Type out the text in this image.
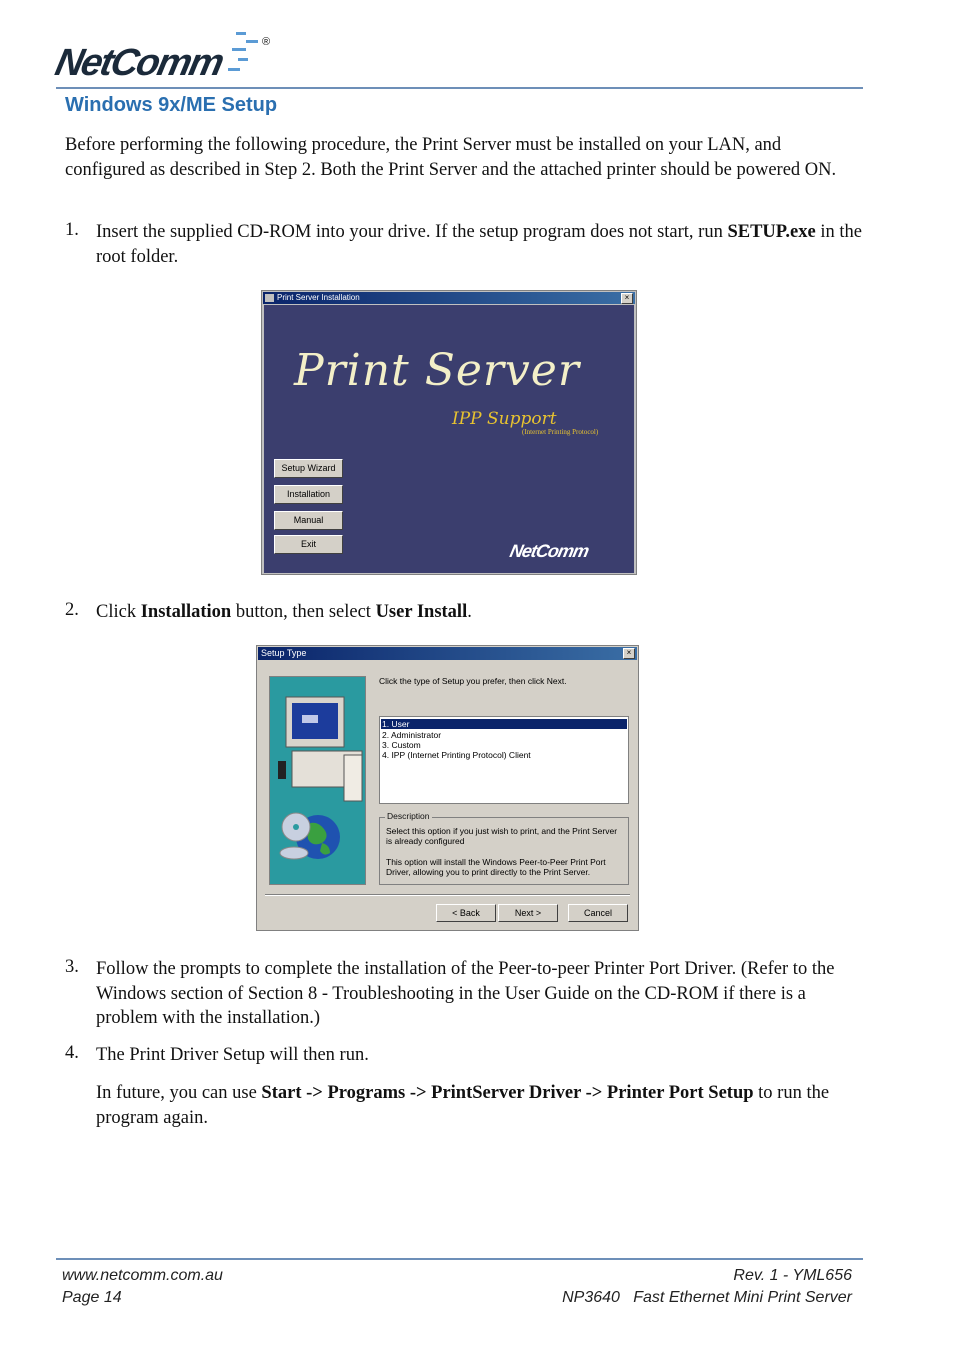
NetComm	®
Windows 9x/ME Setup
Before performing the following procedure, the Print Server must be installed on your LAN, and configured as described in Step 2. Both the Print Server and the attached printer should be powered ON.
1. Insert the supplied CD-ROM into your drive. If the setup program does not start, run SETUP.exe in the root folder.
Print Server Installation	×
Print Server
IPP Support
(Internet Printing Protocol)
Setup Wizard
Installation
Manual
Exit	NetComm
2. Click Installation button, then select User Install.
Setup Type	×
Click the type of Setup you prefer, then click Next.
1. User
2. Administrator
3. Custom
4. IPP (Internet Printing Protocol) Client
Description
Select this option if you just wish to print, and the Print Server is already configured
This option will install the Windows Peer-to-Peer Print Port Driver, allowing you to print directly to the Print Server.
< Back	Next >	Cancel
3. Follow the prompts to complete the installation of the Peer-to-peer Printer Port Driver. (Refer to the Windows section of Section 8 - Troubleshooting in the User Guide on the CD-ROM if there is a problem with the installation.)
4. The Print Driver Setup will then run.
In future, you can use Start -> Programs -> PrintServer Driver -> Printer Port Setup to run the program again.
www.netcomm.com.au
Page 14
Rev. 1 - YML656
NP3640   Fast Ethernet Mini Print Server
